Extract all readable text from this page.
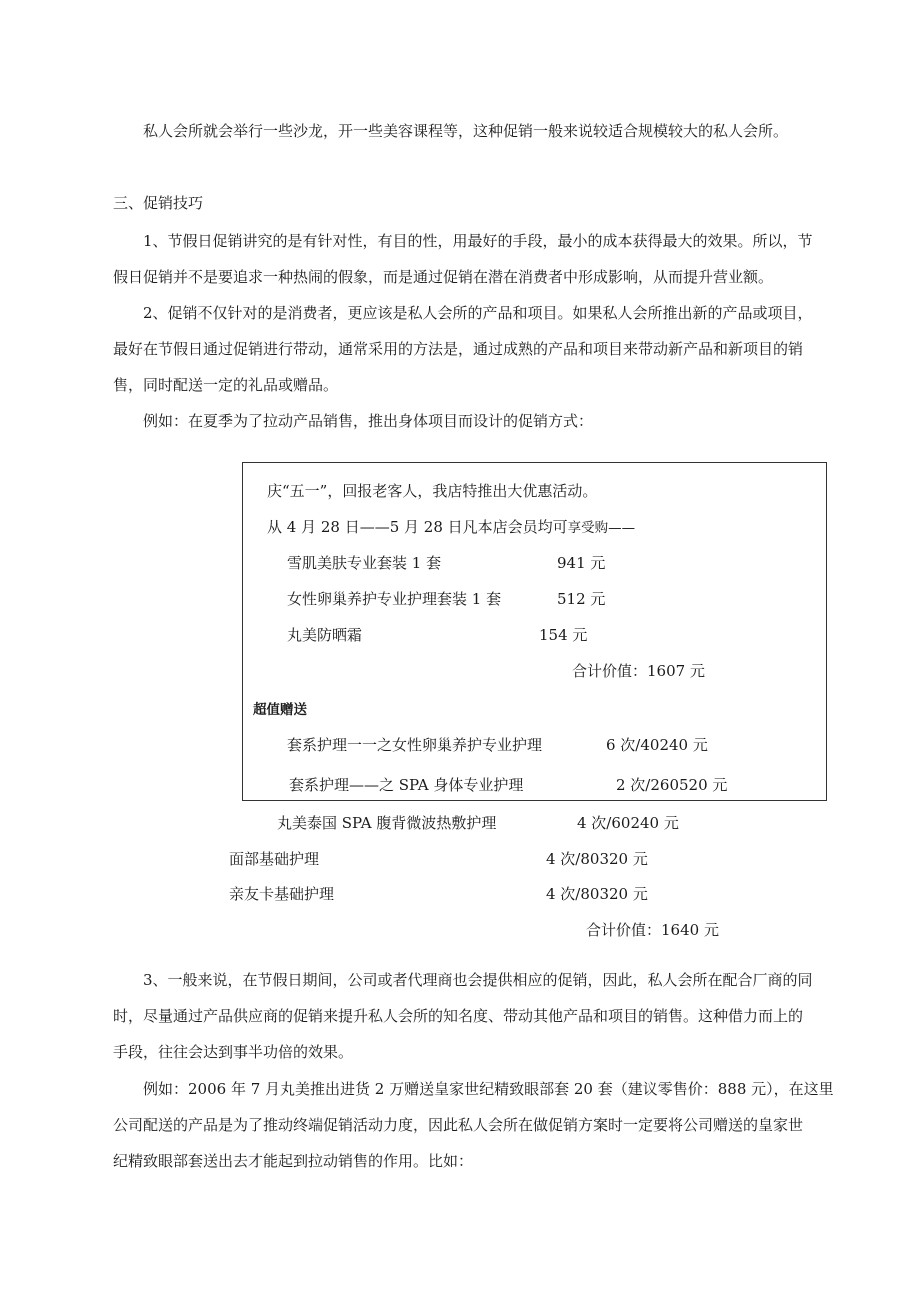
私人会所就会举行一些沙龙，开一些美容课程等，这种促销一般来说较适合规模较大的私人会所。
三、促销技巧
1、节假日促销讲究的是有针对性，有目的性，用最好的手段，最小的成本获得最大的效果。所以，节
假日促销并不是要追求一种热闹的假象，而是通过促销在潜在消费者中形成影响，从而提升营业额。
2、促销不仅针对的是消费者，更应该是私人会所的产品和项目。如果私人会所推出新的产品或项目，
最好在节假日通过促销进行带动，通常采用的方法是，通过成熟的产品和项目来带动新产品和新项目的销
售，同时配送一定的礼品或赠品。
例如：在夏季为了拉动产品销售，推出身体项目而设计的促销方式：
庆“五一”，回报老客人，我店特推出大优惠活动。
从 4 月 28 日——5 月 28 日凡本店会员均可享受购——
雪肌美肤专业套装 1 套	941 元
女性卵巢养护专业护理套装 1 套	512 元
丸美防晒霜	154 元
合计价值：1607 元
超值赠送
套系护理一一之女性卵巢养护专业护理	6 次/40240 元
套系护理——之 SPA 身体专业护理	2 次/260520 元
丸美泰国 SPA 腹背微波热敷护理	4 次/60240 元
面部基础护理	4 次/80320 元
亲友卡基础护理	4 次/80320 元
合计价值：1640 元
3、一般来说，在节假日期间，公司或者代理商也会提供相应的促销，因此，私人会所在配合厂商的同
时，尽量通过产品供应商的促销来提升私人会所的知名度、带动其他产品和项目的销售。这种借力而上的
手段，往往会达到事半功倍的效果。
例如：2006 年 7 月丸美推出进货 2 万赠送皇家世纪精致眼部套 20 套（建议零售价：888 元），在这里
公司配送的产品是为了推动终端促销活动力度，因此私人会所在做促销方案时一定要将公司赠送的皇家世
纪精致眼部套送出去才能起到拉动销售的作用。比如：
